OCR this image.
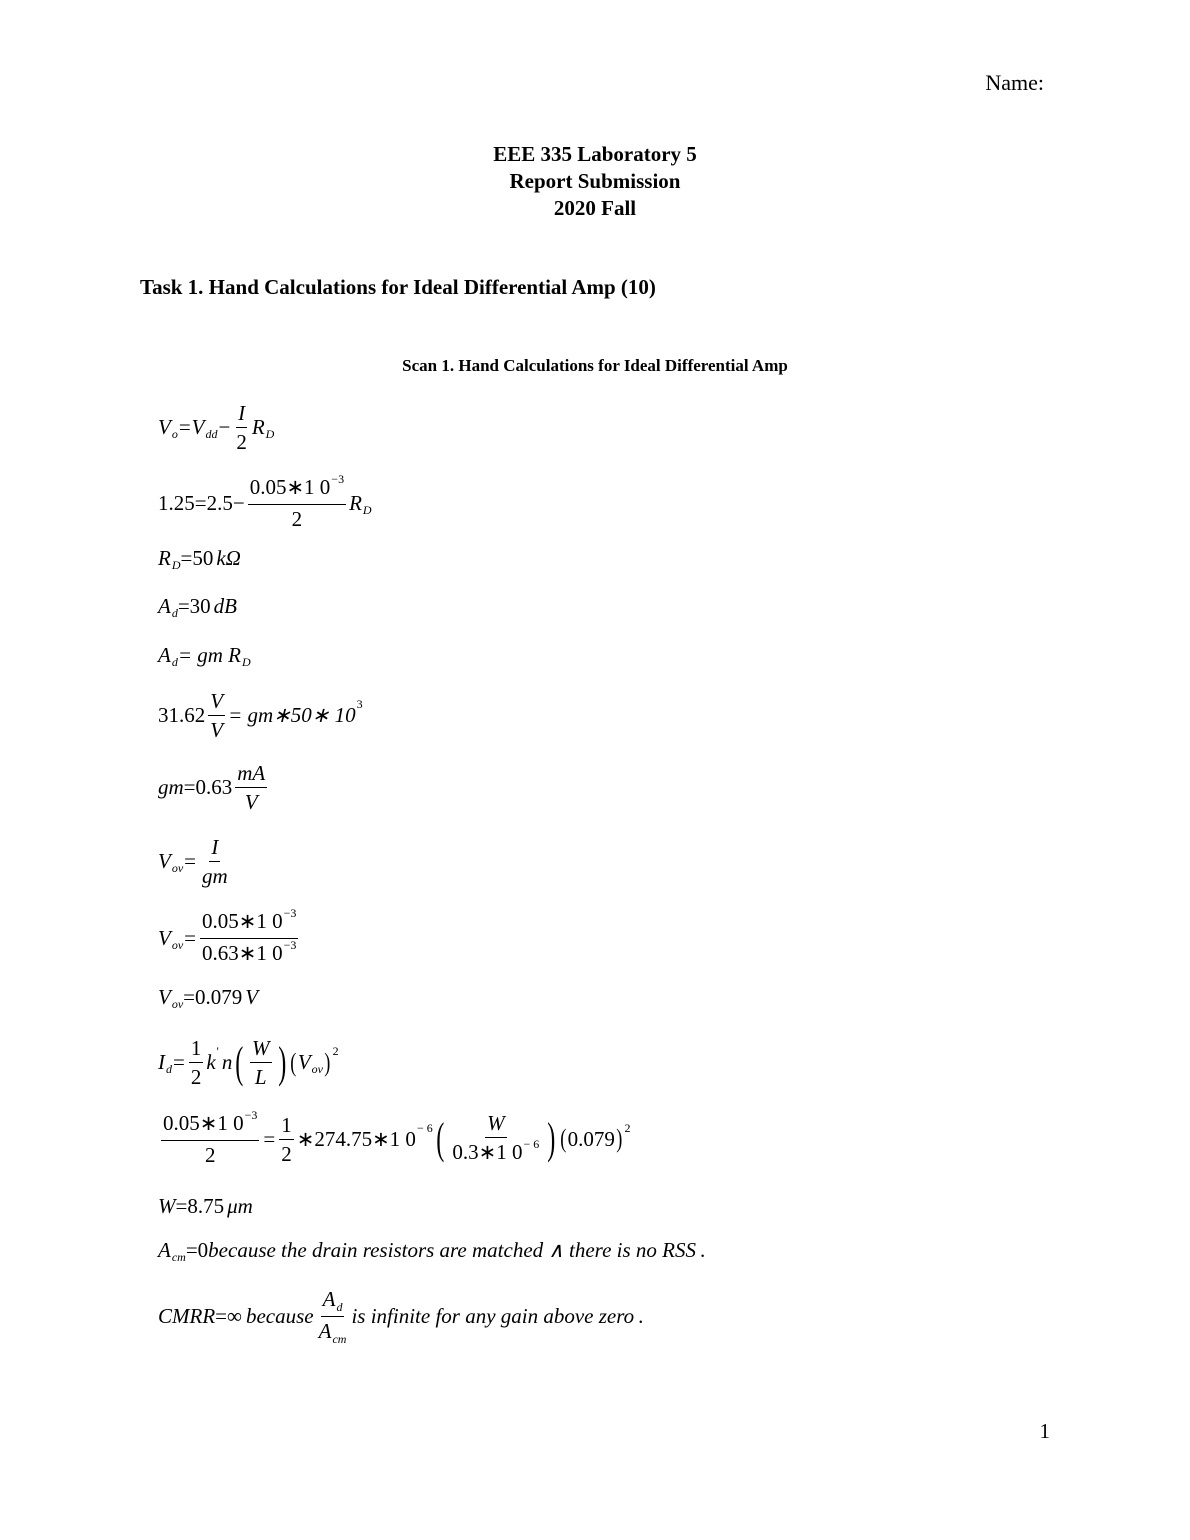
Name:
EEE 335 Laboratory 5
Report Submission
2020 Fall
Task 1. Hand Calculations for Ideal Differential Amp (10)
Scan 1. Hand Calculations for Ideal Differential Amp
V o = V dd − $\frac{I}{2}$ R D
$1.25=2.5- \frac{0.05∗1 0^{-3}}{2}$ R D
R D =50 kΩ
A d =30 dB
A d = gm R D
$31.62 \frac{V}{V}$ = gm∗50∗ 10 3
gm $=0.63 \frac{mA}{V}$
V ov = $\frac{I}{gm}$
V ov = $\frac{0.05∗1 0^{-3}}{0.63∗1 0^{-3}}$
V ov =0.079 V
I $d = \frac{1}{2}$ k ' n ( $\frac{W}{L}$ ) ( V ov ) 2
$\frac{0.05∗1 0^{-3}}{2} = \frac{1}{2}$ ∗274.75∗1 0 − 6 ( $\frac{W}{0.3∗1 0^{- 6}}$ ) ( 0.079 ) 2
W =8.75 μm
A cm =0 because the drain resistors are matched ∧ there is no RSS .
CMRR =∞ because $\frac{A_d}{A_{cm}}$ is infinite for any gain above zero .
1
